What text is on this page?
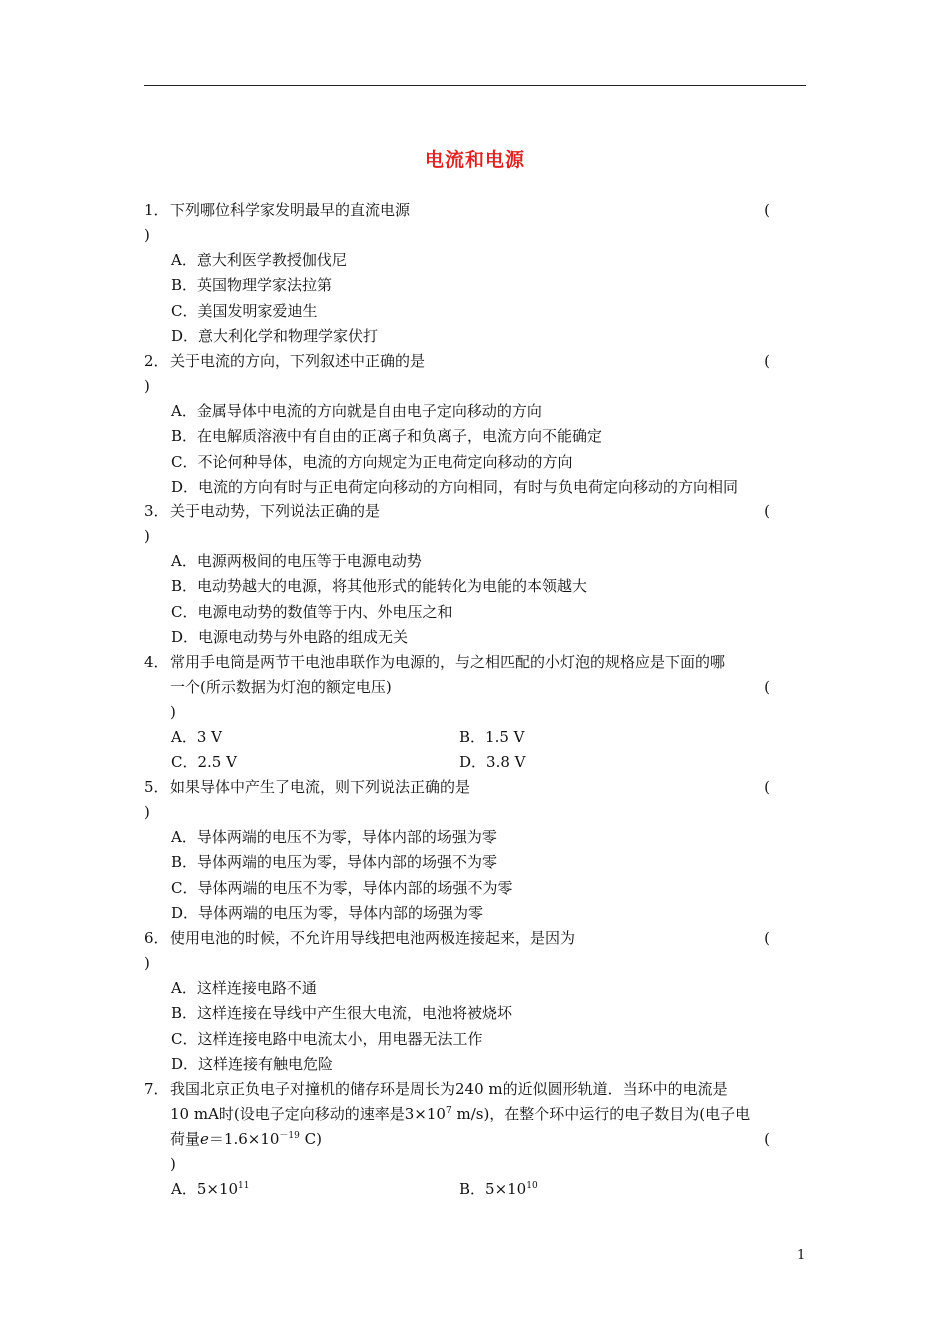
电流和电源
1．下列哪位科学家发明最早的直流电源	(
)
A．意大利医学教授伽伐尼
B．英国物理学家法拉第
C．美国发明家爱迪生
D．意大利化学和物理学家伏打
2．关于电流的方向，下列叙述中正确的是	(
)
A．金属导体中电流的方向就是自由电子定向移动的方向
B．在电解质溶液中有自由的正离子和负离子，电流方向不能确定
C．不论何种导体，电流的方向规定为正电荷定向移动的方向
D．电流的方向有时与正电荷定向移动的方向相同，有时与负电荷定向移动的方向相同
3．关于电动势，下列说法正确的是	(
)
A．电源两极间的电压等于电源电动势
B．电动势越大的电源，将其他形式的能转化为电能的本领越大
C．电源电动势的数值等于内、外电压之和
D．电源电动势与外电路的组成无关
4．常用手电筒是两节干电池串联作为电源的，与之相匹配的小灯泡的规格应是下面的哪
一个(所示数据为灯泡的额定电压)	(
)
A．3 V	B．1.5 V
C．2.5 V	D．3.8 V
5．如果导体中产生了电流，则下列说法正确的是	(
)
A．导体两端的电压不为零，导体内部的场强为零
B．导体两端的电压为零，导体内部的场强不为零
C．导体两端的电压不为零，导体内部的场强不为零
D．导体两端的电压为零，导体内部的场强为零
6．使用电池的时候，不允许用导线把电池两极连接起来，是因为	(
)
A．这样连接电路不通
B．这样连接在导线中产生很大电流，电池将被烧坏
C．这样连接电路中电流太小，用电器无法工作
D．这样连接有触电危险
7．我国北京正负电子对撞机的储存环是周长为240 m的近似圆形轨道．当环中的电流是
10 mA时(设电子定向移动的速率是$3\times 10^7$ m/s)，在整个环中运行的电子数目为(电子电
荷量$e=1.6\times 10^{-19}$ C)	(
)
A．$5\times 10^{11}$	B．$5\times 10^{10}$
1
